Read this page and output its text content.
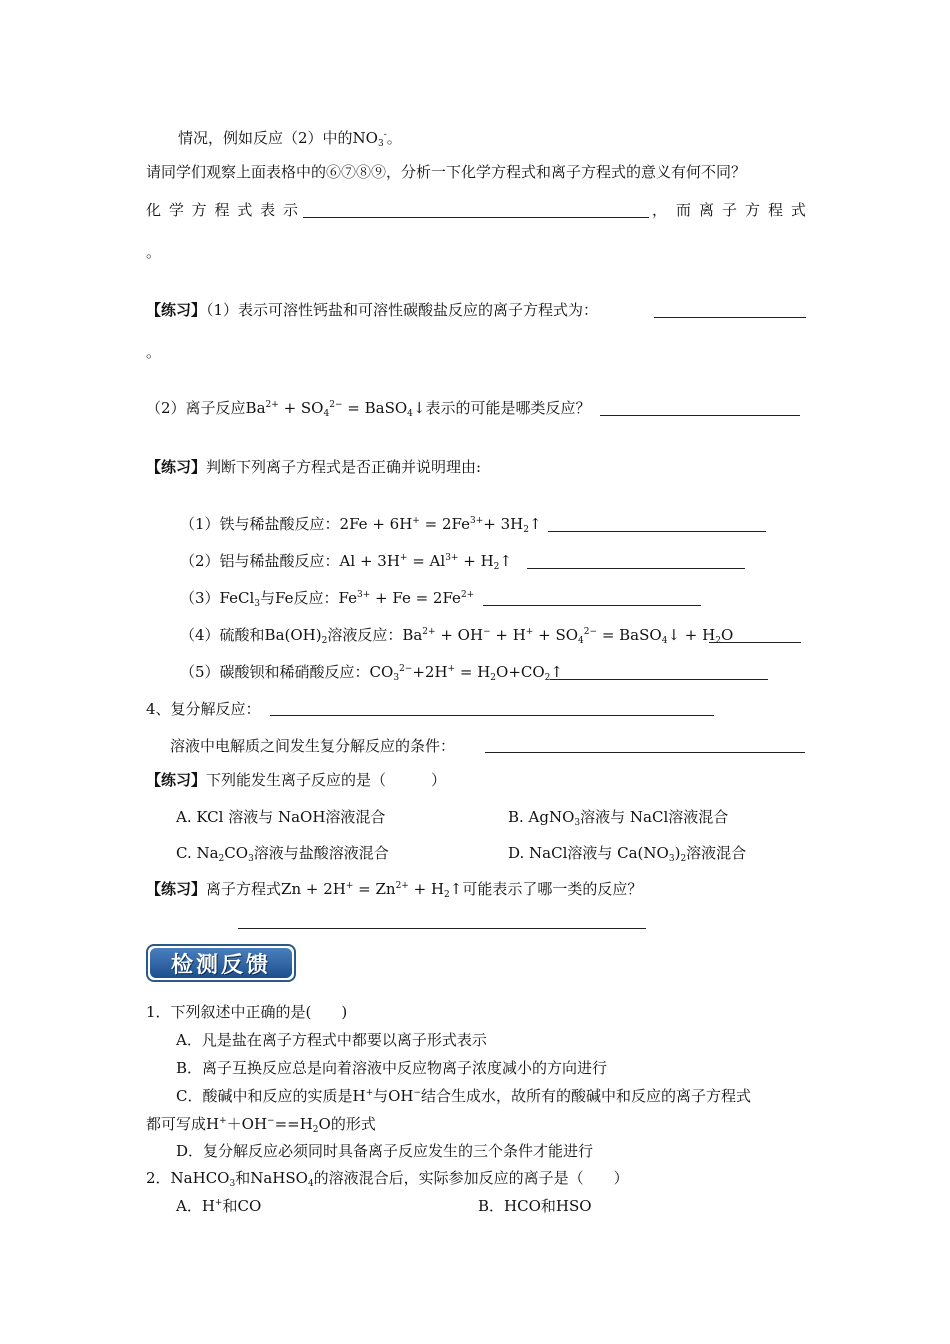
情况，例如反应（2）中的$NO_3^-$。
请同学们观察上面表格中的⑥⑦⑧⑨，分析一下化学方程式和离子方程式的意义有何不同？
化 学 方 程 式 表 示	， 而 离 子 方 程 式
。
【练习】（1）表示可溶性钙盐和可溶性碳酸盐反应的离子方程式为：
。
（2）离子反应$Ba^{2+} + SO_4^{2-}$ = BaSO$_4$↓表示的可能是哪类反应？
【练习】判断下列离子方程式是否正确并说明理由:
（1）铁与稀盐酸反应：$2Fe + 6H^+ = 2Fe^{3+}+$ $3H_2↑$
（2）铝与稀盐酸反应：$Al + 3H^+ = Al^{3+}$ + $H_2↑$
（3）FeCl$_3$与Fe反应：$Fe^{3+} + Fe = 2Fe^{2+}$
（4）硫酸和$Ba(OH)_2$溶液反应：$Ba^{2+} + OH^- + H^+ + SO_4^{2-}$ = BaSO$_4$↓ + $H_2O$
（5）碳酸钡和稀硝酸反应：$CO_3^{2-}+2H^+$ = $H_2O+CO_2↑$
4、复分解反应：
溶液中电解质之间发生复分解反应的条件：
【练习】下列能发生离子反应的是（　　　）
A. KCl 溶液与 NaOH溶液混合	B. AgNO$_3$溶液与 NaCl溶液混合
C. $Na_2CO_3$溶液与盐酸溶液混合	D. NaCl溶液与 $Ca(NO_3)_2$溶液混合
【练习】离子方程式$Zn + 2H^+ = Zn^{2+}$ + $H_2↑$可能表示了哪一类的反应？
检测反馈
1．下列叙述中正确的是(　　)
A．凡是盐在离子方程式中都要以离子形式表示
B．离子互换反应总是向着溶液中反应物离子浓度减小的方向进行
C．酸碱中和反应的实质是H+与OH−结合生成水，故所有的酸碱中和反应的离子方程式
都可写成$H^++OH^-==H_2O$的形式
D．复分解反应必须同时具备离子反应发生的三个条件才能进行
2．NaHCO$_3$和NaHSO$_4$的溶液混合后，实际参加反应的离子是（　　）
A．H+和CO	B．HCO和HSO
